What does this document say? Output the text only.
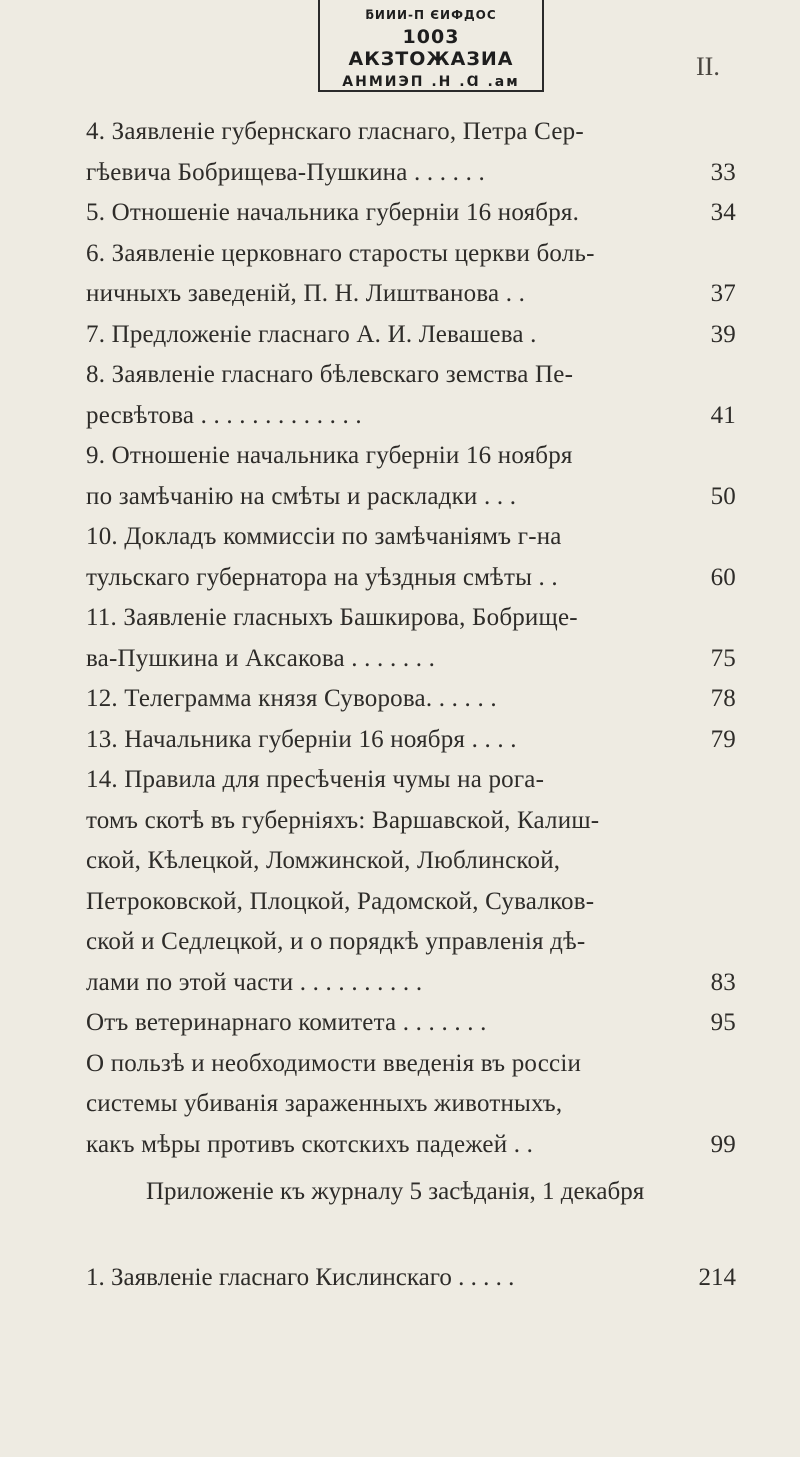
ƃИИИ-П ЄИФДОС
1003 АКЗТОЖАЗИА
АНМИЭП .Н .Ɑ .ам
II.
4. Заявленіе губернскаго гласнаго, Петра Сер-
гѣевича Бобрищева-Пушкина . . . . . .	33
5. Отношеніе начальника губерніи 16 ноября.	34
6. Заявленіе церковнаго старосты церкви боль-
ничныхъ заведеній, П. Н. Лиштванова . .	37
7. Предложеніе гласнаго А. И. Левашева .	39
8. Заявленіе гласнаго бѣлевскаго земства Пе-
ресвѣтова . . . . . . . . . . . . .	41
9. Отношеніе начальника губерніи 16 ноября
по замѣчанію на смѣты и раскладки . . .	50
10. Докладъ коммиссіи по замѣчаніямъ г-на
тульскаго губернатора на уѣздныя смѣты . .	60
11. Заявленіе гласныхъ Башкирова, Бобрище-
ва-Пушкина и Аксакова . . . . . . .	75
12. Телеграмма князя Суворова. . . . . .	78
13. Начальника губерніи 16 ноября . . . .	79
14. Правила для пресѣченія чумы на рога-
томъ скотѣ въ губерніяхъ: Варшавской, Калиш-
ской, Кѣлецкой, Ломжинской, Люблинской,
Петроковской, Плоцкой, Радомской, Сувалков-
ской и Седлецкой, и о порядкѣ управленія дѣ-
лами по этой части . . . . . . . . . .	83
Отъ ветеринарнаго комитета . . . . . . .	95
О пользѣ и необходимости введенія въ россіи
системы убиванія зараженныхъ животныхъ,
какъ мѣры противъ скотскихъ падежей . .	99
Приложеніе къ журналу 5 засѣданія, 1 декабря
1. Заявленіе гласнаго Кислинскаго . . . . .	214
